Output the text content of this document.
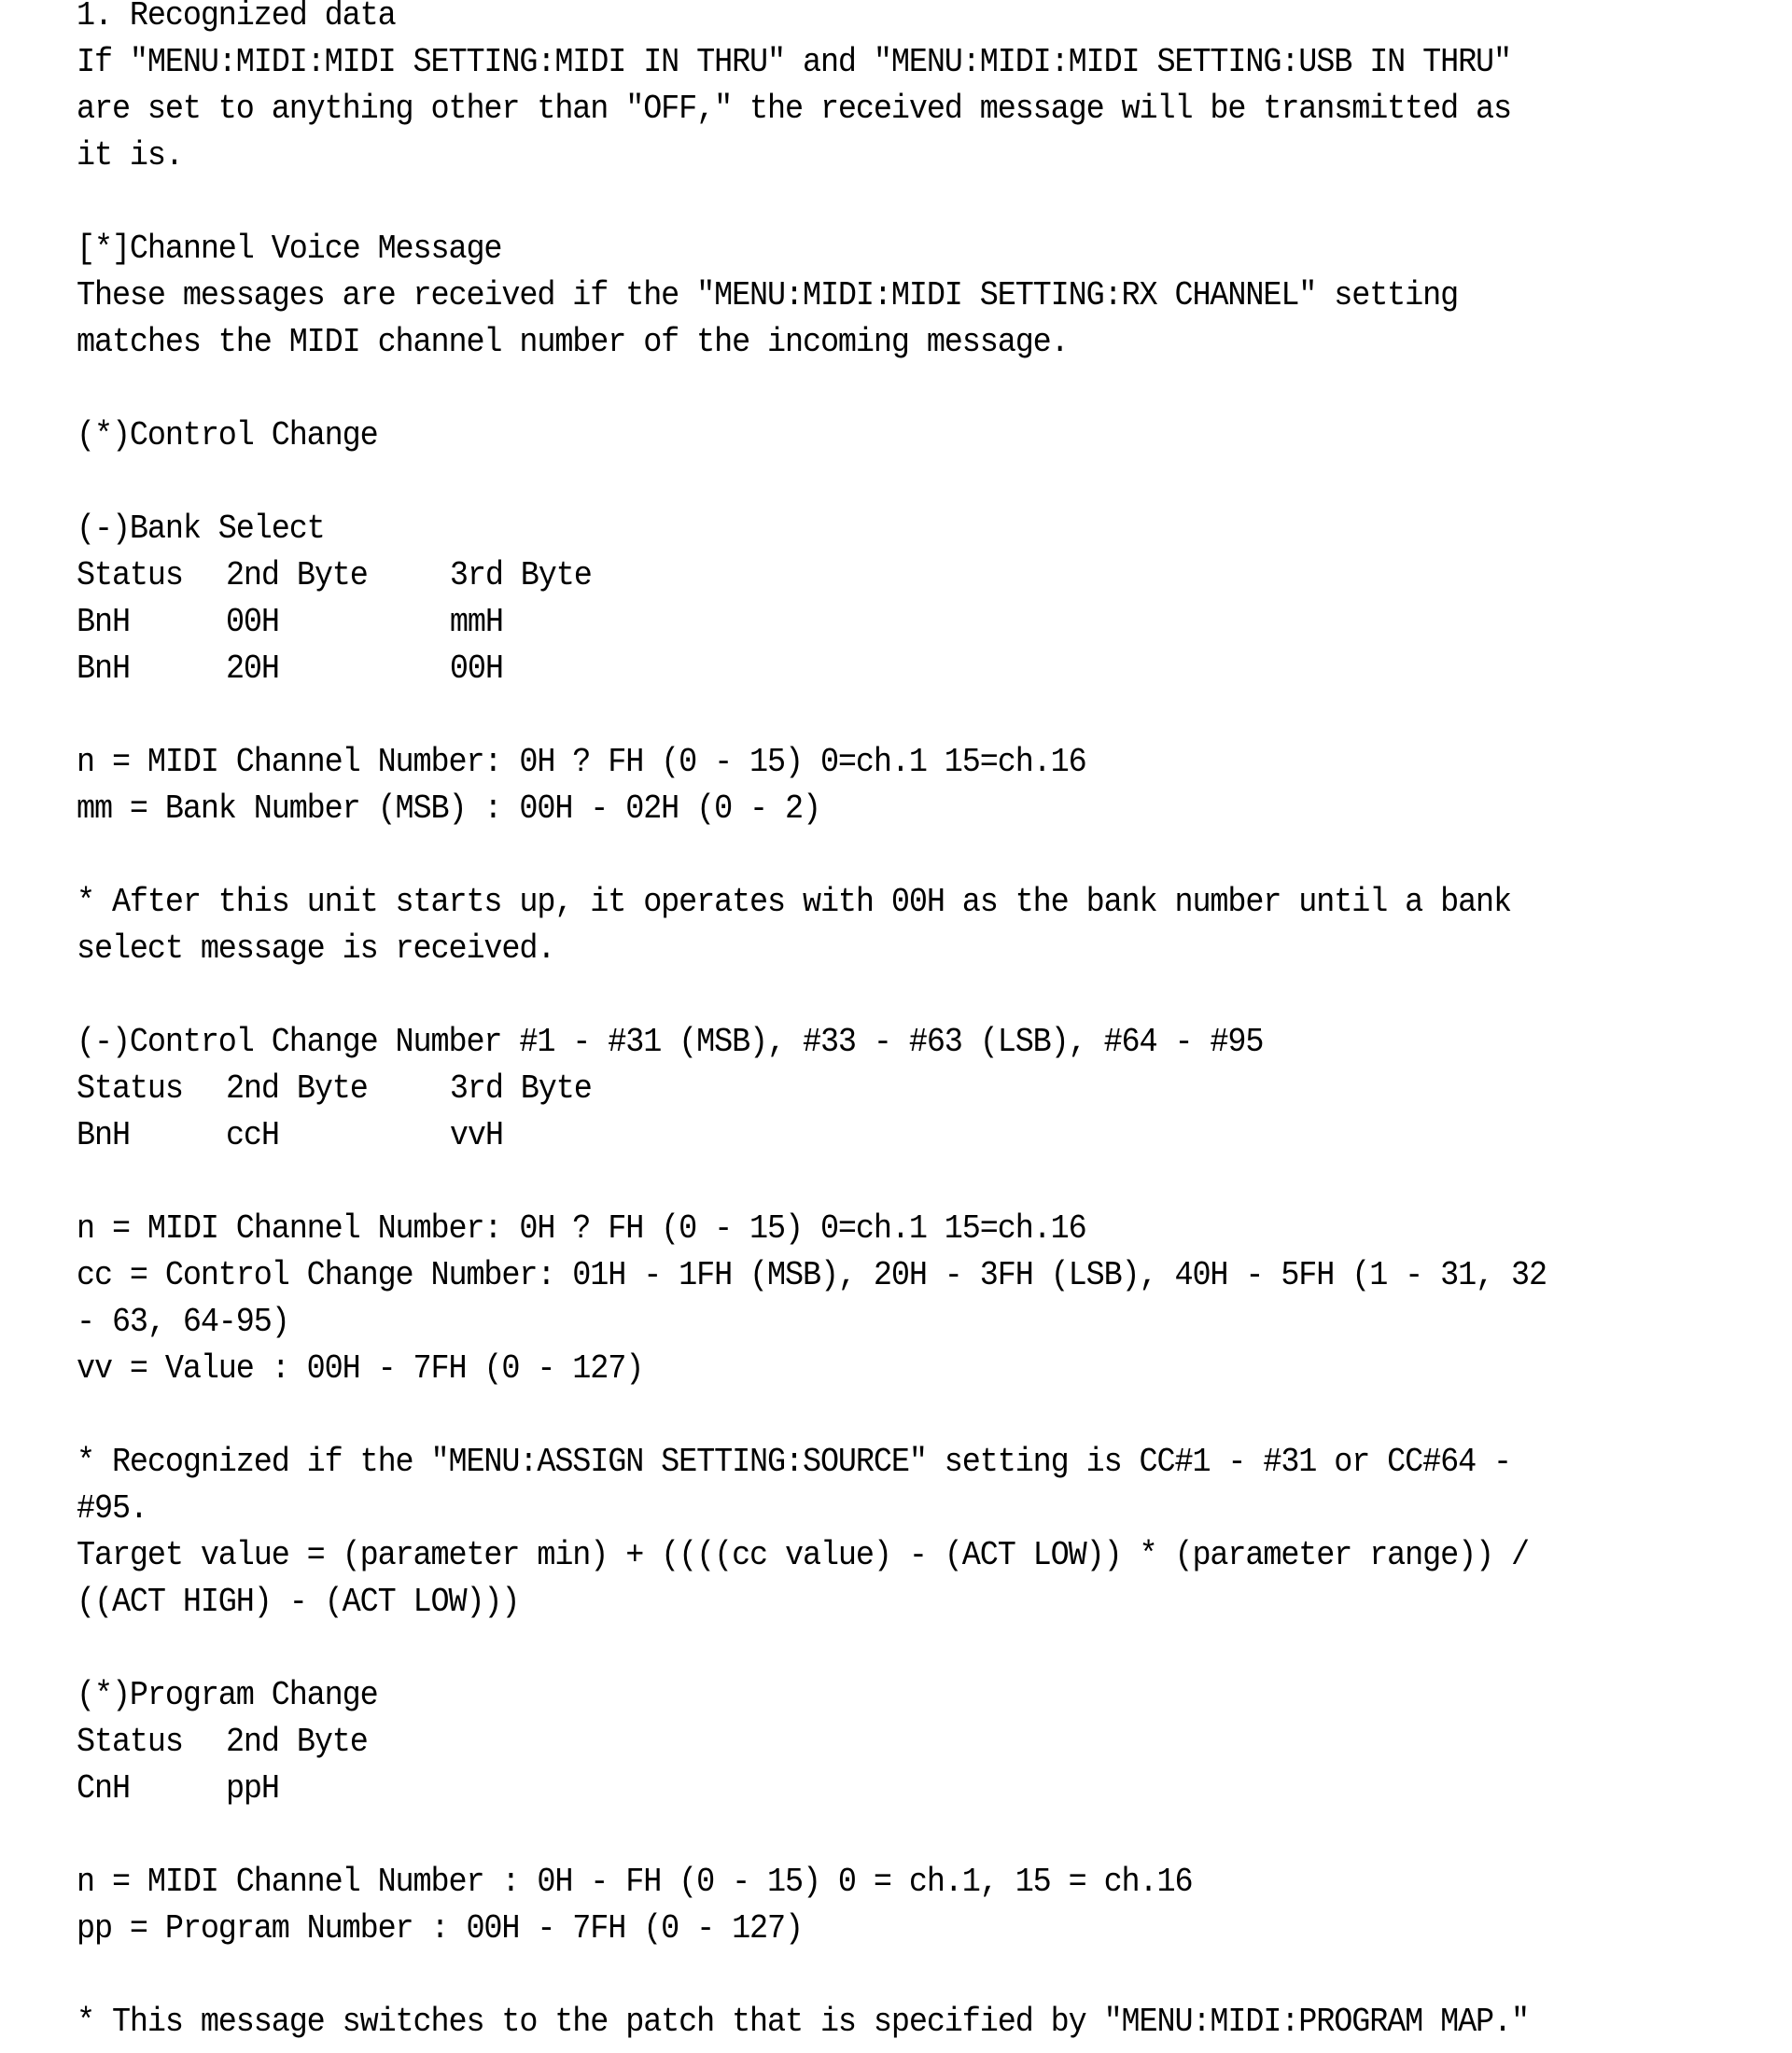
1. Recognized data
If "MENU:MIDI:MIDI SETTING:MIDI IN THRU" and "MENU:MIDI:MIDI SETTING:USB IN THRU"
are set to anything other than "OFF," the received message will be transmitted as
it is.
[*]Channel Voice Message
These messages are received if the "MENU:MIDI:MIDI SETTING:RX CHANNEL" setting
matches the MIDI channel number of the incoming message.
(*)Control Change
(-)Bank Select
Status	2nd Byte	3rd Byte
BnH	00H	mmH
BnH	20H	00H
n = MIDI Channel Number: 0H ? FH (0 - 15) 0=ch.1 15=ch.16
mm = Bank Number (MSB) : 00H - 02H (0 - 2)
* After this unit starts up, it operates with 00H as the bank number until a bank
select message is received.
(-)Control Change Number #1 - #31 (MSB), #33 - #63 (LSB), #64 - #95
Status	2nd Byte	3rd Byte
BnH	ccH	vvH
n = MIDI Channel Number: 0H ? FH (0 - 15) 0=ch.1 15=ch.16
cc = Control Change Number: 01H - 1FH (MSB), 20H - 3FH (LSB), 40H - 5FH (1 - 31, 32
- 63, 64-95)
vv = Value : 00H - 7FH (0 - 127)
* Recognized if the "MENU:ASSIGN SETTING:SOURCE" setting is CC#1 - #31 or CC#64 -
#95.
Target value = (parameter min) + ((((cc value) - (ACT LOW)) * (parameter range)) /
((ACT HIGH) - (ACT LOW)))
(*)Program Change
Status	2nd Byte
CnH	ppH
n = MIDI Channel Number : 0H - FH (0 - 15) 0 = ch.1, 15 = ch.16
pp = Program Number : 00H - 7FH (0 - 127)
* This message switches to the patch that is specified by "MENU:MIDI:PROGRAM MAP."
